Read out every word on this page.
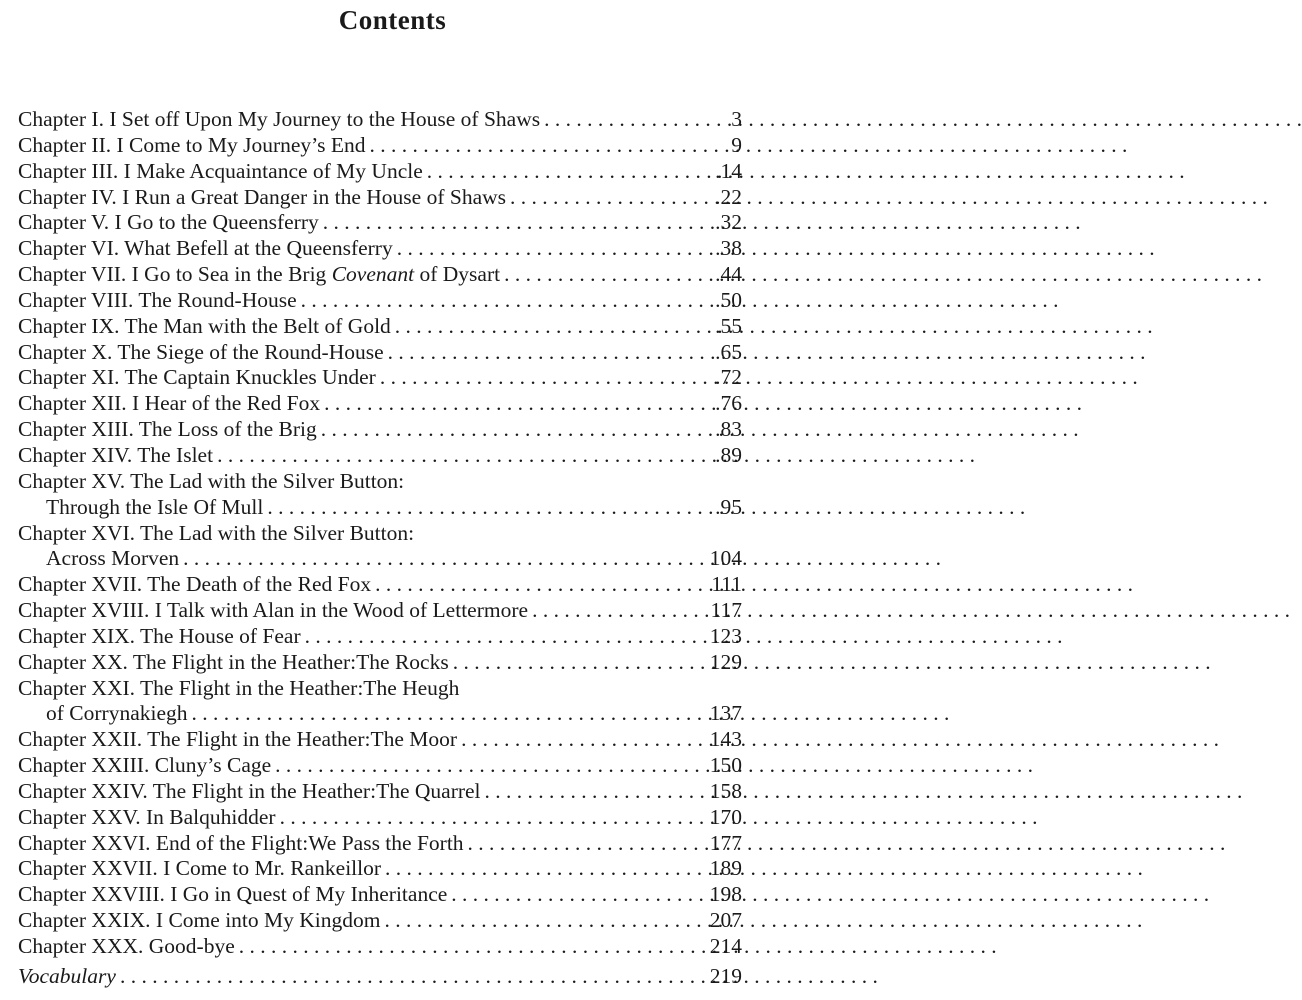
Contents
Chapter I. I Set off Upon My Journey to the House of Shaws . . .	3
Chapter II. I Come to My Journey’s End . . .	9
Chapter III. I Make Acquaintance of My Uncle . . .	.14
Chapter IV. I Run a Great Danger in the House of Shaws . . .	.22
Chapter V. I Go to the Queensferry . . .	.32
Chapter VI. What Befell at the Queensferry . . .	.38
Chapter VII. I Go to Sea in the Brig Covenant of Dysart . . .	.44
Chapter VIII. The Round-House . . .	.50
Chapter IX. The Man with the Belt of Gold . . .	.55
Chapter X. The Siege of the Round-House . . .	.65
Chapter XI. The Captain Knuckles Under . . .	.72
Chapter XII. I Hear of the Red Fox . . .	.76
Chapter XIII. The Loss of the Brig . . .	.83
Chapter XIV. The Islet . . .	.89
Chapter XV. The Lad with the Silver Button:
Through the Isle Of Mull . . .	.95
Chapter XVI. The Lad with the Silver Button:
Across Morven . . .	104
Chapter XVII. The Death of the Red Fox . . .	111
Chapter XVIII. I Talk with Alan in the Wood of Lettermore . . .	117
Chapter XIX. The House of Fear . . .	123
Chapter XX. The Flight in the Heather:The Rocks . . .	129
Chapter XXI. The Flight in the Heather:The Heugh
of Corrynakiegh . . .	137
Chapter XXII. The Flight in the Heather:The Moor . . .	143
Chapter XXIII. Cluny’s Cage . . .	150
Chapter XXIV. The Flight in the Heather:The Quarrel . . .	158
Chapter XXV. In Balquhidder . . .	170
Chapter XXVI. End of the Flight:We Pass the Forth . . .	177
Chapter XXVII. I Come to Mr. Rankeillor . . .	189
Chapter XXVIII. I Go in Quest of My Inheritance . . .	198
Chapter XXIX. I Come into My Kingdom . . .	207
Chapter XXX. Good-bye . . .	214
Vocabulary . . .	219
